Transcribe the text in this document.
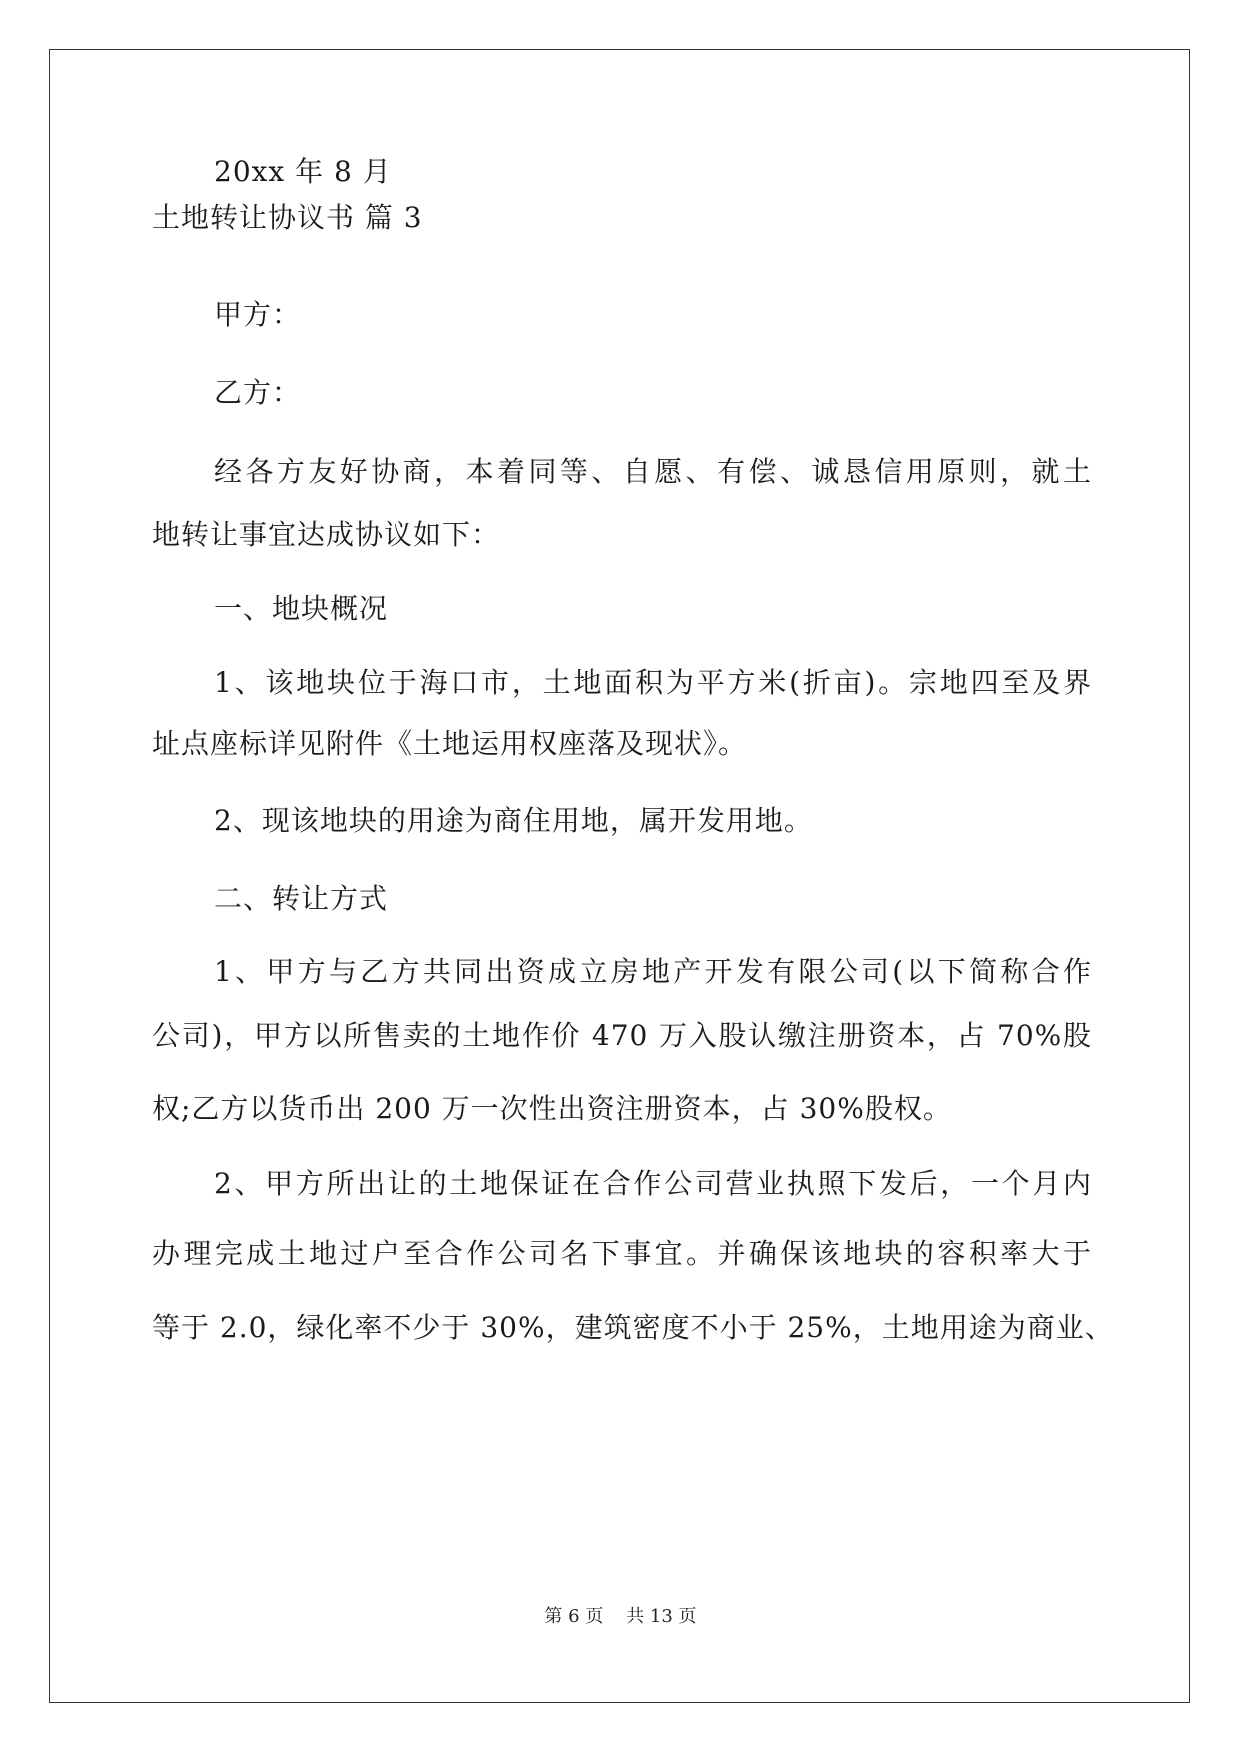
20xx 年 8 月
土地转让协议书 篇 3
甲方：
乙方：
经各方友好协商，本着同等、自愿、有偿、诚恳信用原则，就土
地转让事宜达成协议如下：
一、地块概况
1、该地块位于海口市，土地面积为平方米(折亩)。宗地四至及界
址点座标详见附件《土地运用权座落及现状》。
2、现该地块的用途为商住用地，属开发用地。
二、转让方式
1、甲方与乙方共同出资成立房地产开发有限公司(以下简称合作
公司)，甲方以所售卖的土地作价 470 万入股认缴注册资本，占 70%股
权;乙方以货币出 200 万一次性出资注册资本，占 30%股权。
2、甲方所出让的土地保证在合作公司营业执照下发后，一个月内
办理完成土地过户至合作公司名下事宜。并确保该地块的容积率大于
等于 2.0，绿化率不少于 30%，建筑密度不小于 25%，土地用途为商业、
第 6 页    共 13 页
